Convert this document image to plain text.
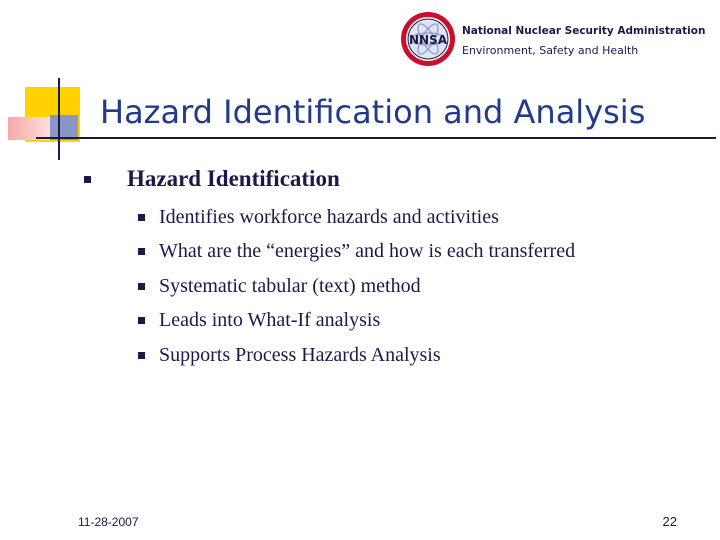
NNSA
National Nuclear Security Administration
Environment, Safety and Health
Hazard Identification and Analysis
Hazard Identification
Identifies workforce hazards and activities
What are the “energies” and how is each transferred
Systematic tabular (text) method
Leads into What-If analysis
Supports Process Hazards Analysis
11-28-2007	22
